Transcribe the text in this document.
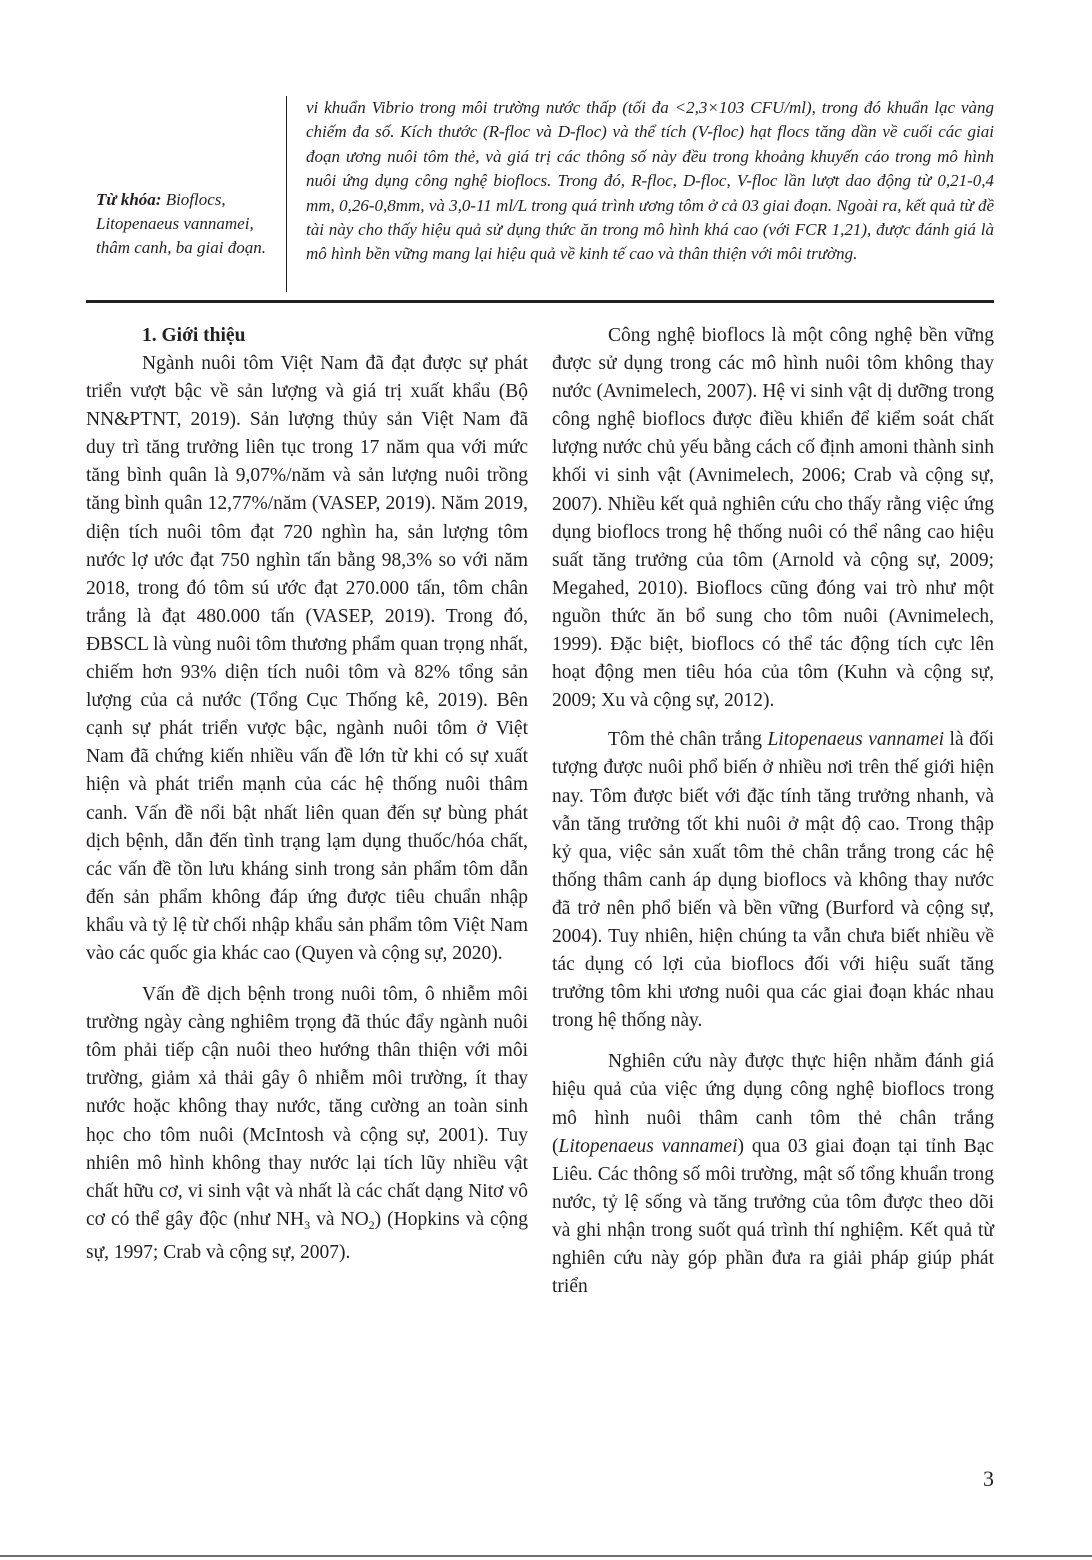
Từ khóa: Bioflocs, Litopenaeus vannamei, thâm canh, ba giai đoạn.

vi khuẩn Vibrio trong môi trường nước thấp (tối đa <2,3×103 CFU/ml), trong đó khuẩn lạc vàng chiếm đa số. Kích thước (R-floc và D-floc) và thể tích (V-floc) hạt flocs tăng dần về cuối các giai đoạn ương nuôi tôm thẻ, và giá trị các thông số này đều trong khoảng khuyến cáo trong mô hình nuôi ứng dụng công nghệ bioflocs. Trong đó, R-floc, D-floc, V-floc lần lượt dao động từ 0,21-0,4 mm, 0,26-0,8mm, và 3,0-11 ml/L trong quá trình ương tôm ở cả 03 giai đoạn. Ngoài ra, kết quả từ đề tài này cho thấy hiệu quả sử dụng thức ăn trong mô hình khá cao (với FCR 1,21), được đánh giá là mô hình bền vững mang lại hiệu quả về kinh tế cao và thân thiện với môi trường.

1. Giới thiệu

Ngành nuôi tôm Việt Nam đã đạt được sự phát triển vượt bậc về sản lượng và giá trị xuất khẩu (Bộ NN&PTNT, 2019). Sản lượng thủy sản Việt Nam đã duy trì tăng trưởng liên tục trong 17 năm qua với mức tăng bình quân là 9,07%/năm và sản lượng nuôi trồng tăng bình quân 12,77%/năm (VASEP, 2019). Năm 2019, diện tích nuôi tôm đạt 720 nghìn ha, sản lượng tôm nước lợ ước đạt 750 nghìn tấn bằng 98,3% so với năm 2018, trong đó tôm sú ước đạt 270.000 tấn, tôm chân trắng là đạt 480.000 tấn (VASEP, 2019). Trong đó, ĐBSCL là vùng nuôi tôm thương phẩm quan trọng nhất, chiếm hơn 93% diện tích nuôi tôm và 82% tổng sản lượng của cả nước (Tổng Cục Thống kê, 2019). Bên cạnh sự phát triển vược bậc, ngành nuôi tôm ở Việt Nam đã chứng kiến nhiều vấn đề lớn từ khi có sự xuất hiện và phát triển mạnh của các hệ thống nuôi thâm canh. Vấn đề nổi bật nhất liên quan đến sự bùng phát dịch bệnh, dẫn đến tình trạng lạm dụng thuốc/hóa chất, các vấn đề tồn lưu kháng sinh trong sản phẩm tôm dẫn đến sản phẩm không đáp ứng được tiêu chuẩn nhập khẩu và tỷ lệ từ chối nhập khẩu sản phẩm tôm Việt Nam vào các quốc gia khác cao (Quyen và cộng sự, 2020).

Vấn đề dịch bệnh trong nuôi tôm, ô nhiễm môi trường ngày càng nghiêm trọng đã thúc đẩy ngành nuôi tôm phải tiếp cận nuôi theo hướng thân thiện với môi trường, giảm xả thải gây ô nhiễm môi trường, ít thay nước hoặc không thay nước, tăng cường an toàn sinh học cho tôm nuôi (McIntosh và cộng sự, 2001). Tuy nhiên mô hình không thay nước lại tích lũy nhiều vật chất hữu cơ, vi sinh vật và nhất là các chất dạng Nitơ vô cơ có thể gây độc (như $NH_3$ và $NO_2$) (Hopkins và cộng sự, 1997; Crab và cộng sự, 2007).

Công nghệ bioflocs là một công nghệ bền vững được sử dụng trong các mô hình nuôi tôm không thay nước (Avnimelech, 2007). Hệ vi sinh vật dị dưỡng trong công nghệ bioflocs được điều khiển để kiểm soát chất lượng nước chủ yếu bằng cách cố định amoni thành sinh khối vi sinh vật (Avnimelech, 2006; Crab và cộng sự, 2007). Nhiều kết quả nghiên cứu cho thấy rằng việc ứng dụng bioflocs trong hệ thống nuôi có thể nâng cao hiệu suất tăng trưởng của tôm (Arnold và cộng sự, 2009; Megahed, 2010). Bioflocs cũng đóng vai trò như một nguồn thức ăn bổ sung cho tôm nuôi (Avnimelech, 1999). Đặc biệt, bioflocs có thể tác động tích cực lên hoạt động men tiêu hóa của tôm (Kuhn và cộng sự, 2009; Xu và cộng sự, 2012).

Tôm thẻ chân trắng Litopenaeus vannamei là đối tượng được nuôi phổ biến ở nhiều nơi trên thế giới hiện nay. Tôm được biết với đặc tính tăng trưởng nhanh, và vẫn tăng trưởng tốt khi nuôi ở mật độ cao. Trong thập kỷ qua, việc sản xuất tôm thẻ chân trắng trong các hệ thống thâm canh áp dụng bioflocs và không thay nước đã trở nên phổ biến và bền vững (Burford và cộng sự, 2004). Tuy nhiên, hiện chúng ta vẫn chưa biết nhiều về tác dụng có lợi của bioflocs đối với hiệu suất tăng trưởng tôm khi ương nuôi qua các giai đoạn khác nhau trong hệ thống này.

Nghiên cứu này được thực hiện nhằm đánh giá hiệu quả của việc ứng dụng công nghệ bioflocs trong mô hình nuôi thâm canh tôm thẻ chân trắng (Litopenaeus vannamei) qua 03 giai đoạn tại tỉnh Bạc Liêu. Các thông số môi trường, mật số tổng khuẩn trong nước, tỷ lệ sống và tăng trưởng của tôm được theo dõi và ghi nhận trong suốt quá trình thí nghiệm. Kết quả từ nghiên cứu này góp phần đưa ra giải pháp giúp phát triển

3
